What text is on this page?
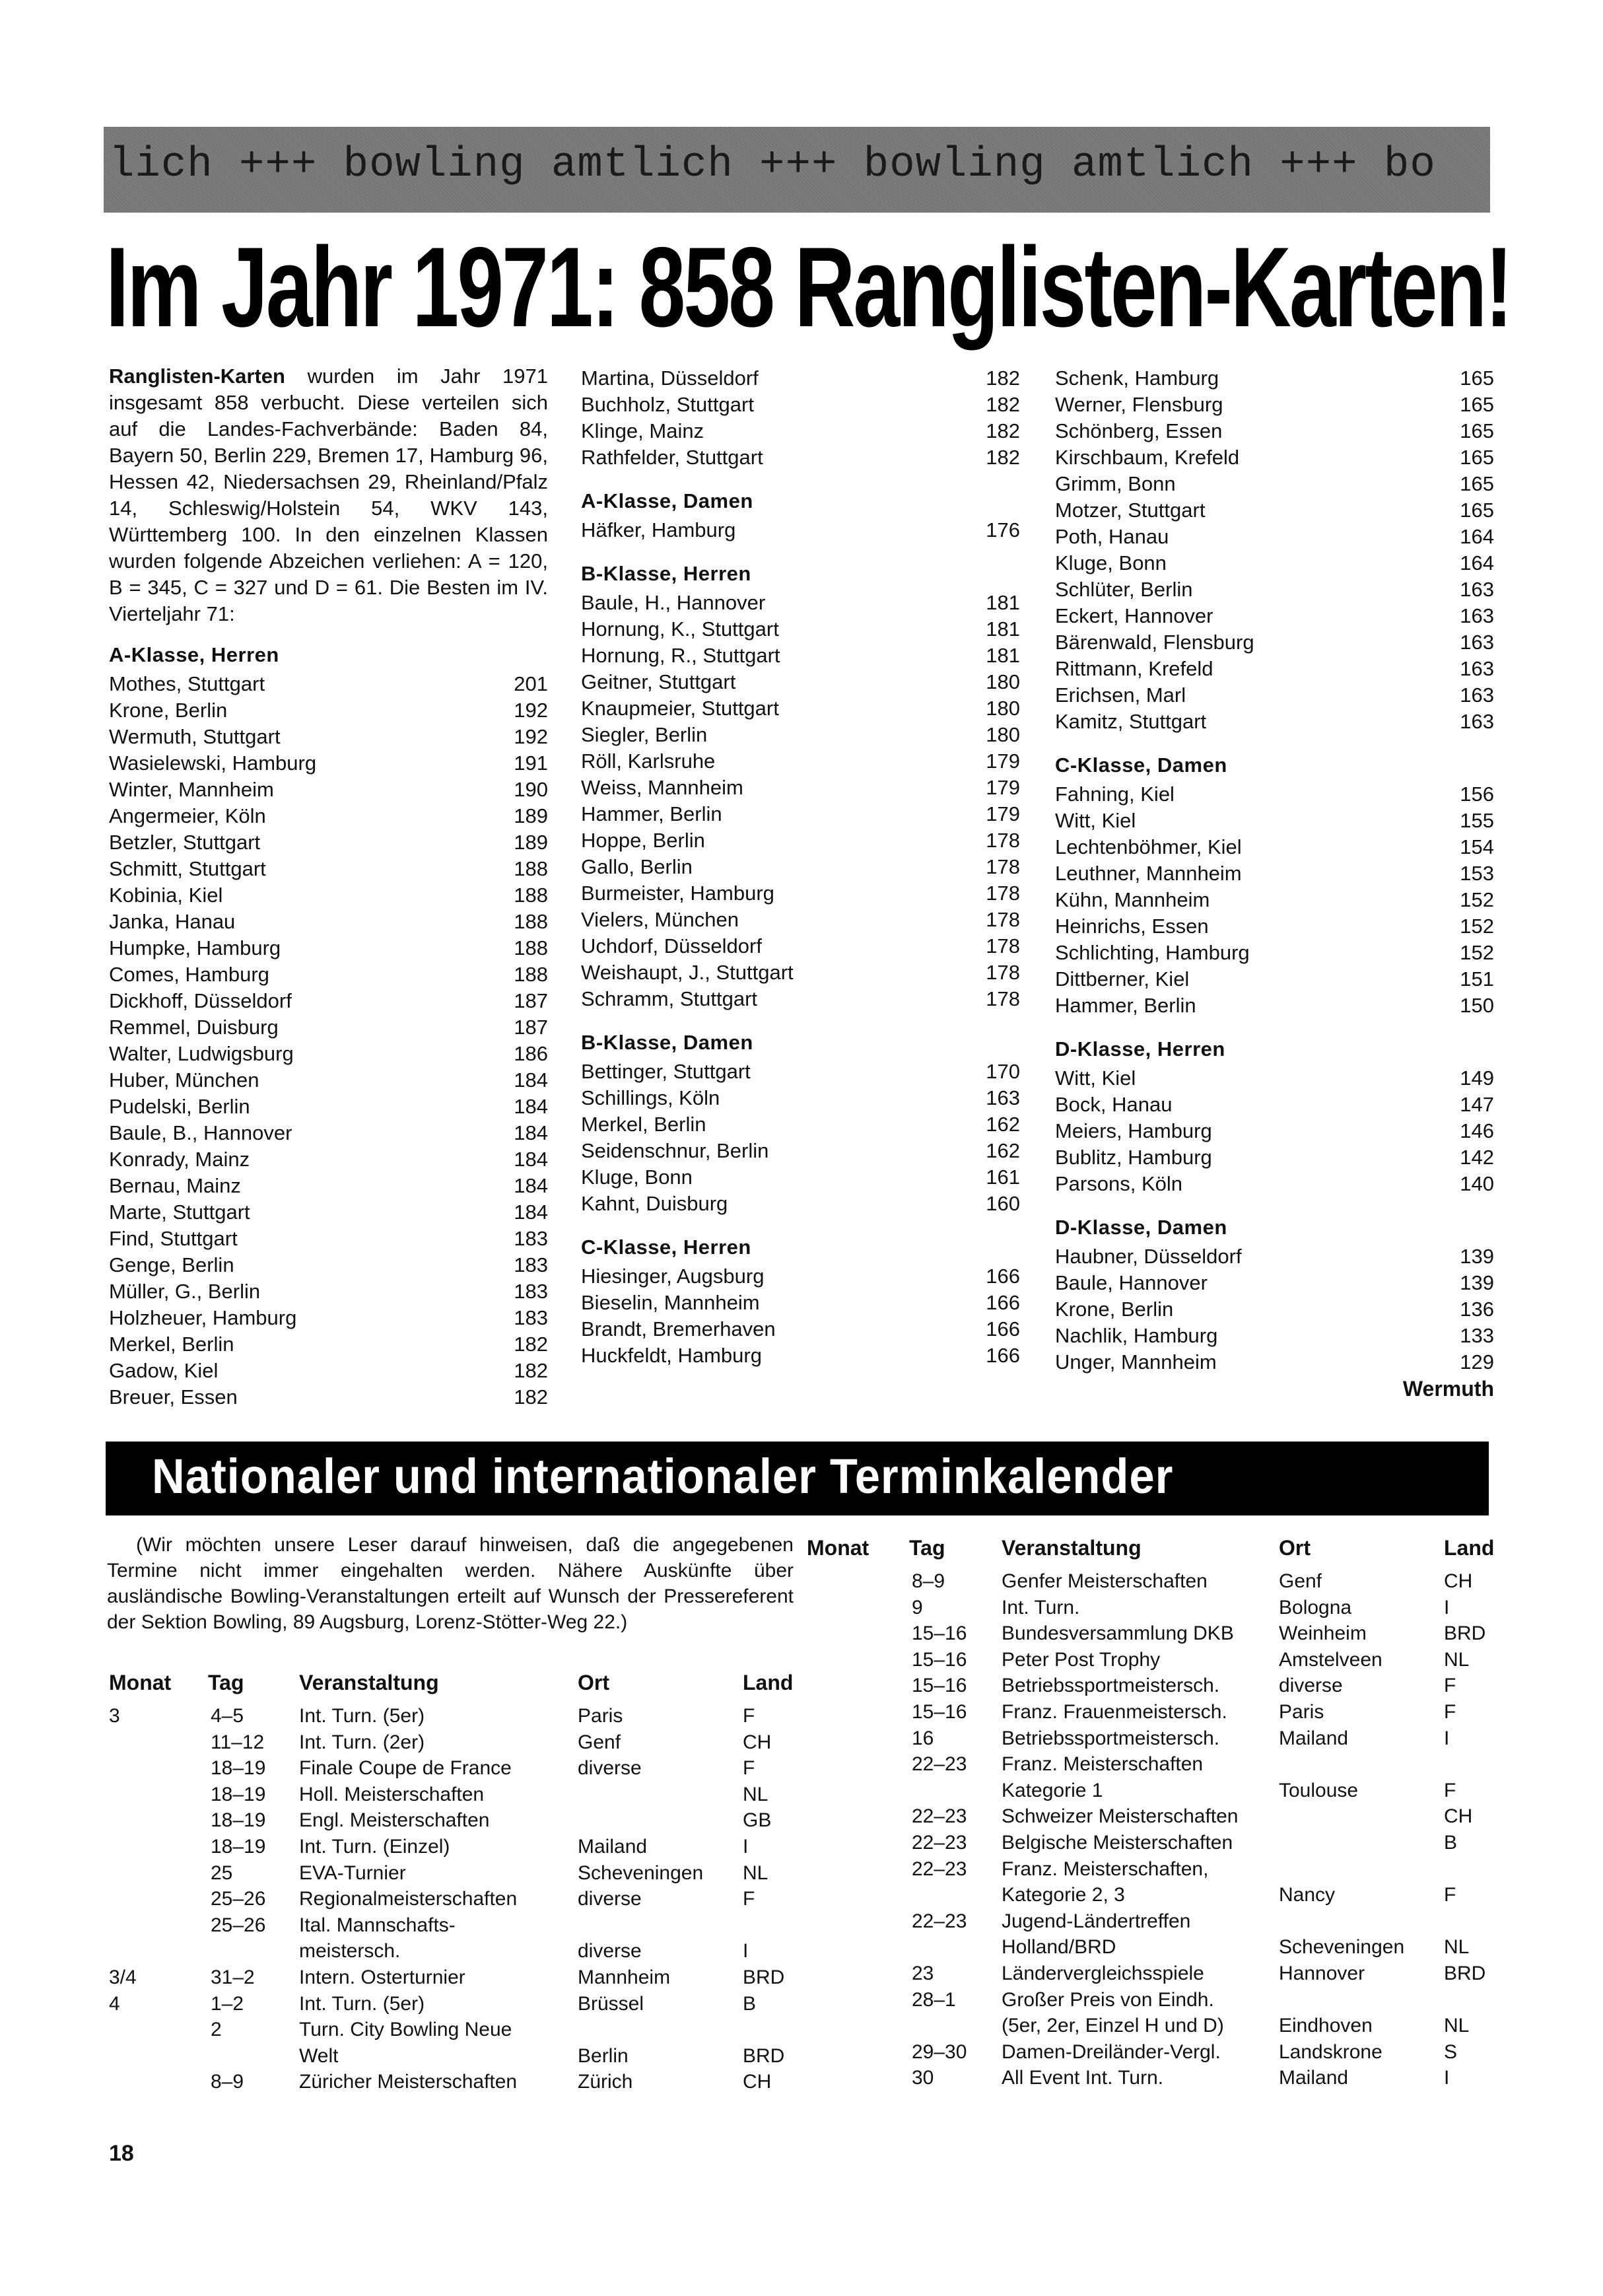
lich +++ bowling amtlich +++ bowling amtlich +++ bo
Im Jahr 1971: 858 Ranglisten-Karten!
Ranglisten-Karten wurden im Jahr 1971 insgesamt 858 verbucht. Diese verteilen sich auf die Landes-Fachverbände: Baden 84, Bayern 50, Berlin 229, Bremen 17, Hamburg 96, Hessen 42, Niedersachsen 29, Rheinland/Pfalz 14, Schleswig/Holstein 54, WKV 143, Württemberg 100. In den einzelnen Klassen wurden folgende Abzeichen verliehen: A = 120, B = 345, C = 327 und D = 61. Die Besten im IV. Vierteljahr 71:
A-Klasse, Herren
Mothes, Stuttgart	201
Krone, Berlin	192
Wermuth, Stuttgart	192
Wasielewski, Hamburg	191
Winter, Mannheim	190
Angermeier, Köln	189
Betzler, Stuttgart	189
Schmitt, Stuttgart	188
Kobinia, Kiel	188
Janka, Hanau	188
Humpke, Hamburg	188
Comes, Hamburg	188
Dickhoff, Düsseldorf	187
Remmel, Duisburg	187
Walter, Ludwigsburg	186
Huber, München	184
Pudelski, Berlin	184
Baule, B., Hannover	184
Konrady, Mainz	184
Bernau, Mainz	184
Marte, Stuttgart	184
Find, Stuttgart	183
Genge, Berlin	183
Müller, G., Berlin	183
Holzheuer, Hamburg	183
Merkel, Berlin	182
Gadow, Kiel	182
Breuer, Essen	182
Martina, Düsseldorf	182
Buchholz, Stuttgart	182
Klinge, Mainz	182
Rathfelder, Stuttgart	182
A-Klasse, Damen
Häfker, Hamburg	176
B-Klasse, Herren
Baule, H., Hannover	181
Hornung, K., Stuttgart	181
Hornung, R., Stuttgart	181
Geitner, Stuttgart	180
Knaupmeier, Stuttgart	180
Siegler, Berlin	180
Röll, Karlsruhe	179
Weiss, Mannheim	179
Hammer, Berlin	179
Hoppe, Berlin	178
Gallo, Berlin	178
Burmeister, Hamburg	178
Vielers, München	178
Uchdorf, Düsseldorf	178
Weishaupt, J., Stuttgart	178
Schramm, Stuttgart	178
B-Klasse, Damen
Bettinger, Stuttgart	170
Schillings, Köln	163
Merkel, Berlin	162
Seidenschnur, Berlin	162
Kluge, Bonn	161
Kahnt, Duisburg	160
C-Klasse, Herren
Hiesinger, Augsburg	166
Bieselin, Mannheim	166
Brandt, Bremerhaven	166
Huckfeldt, Hamburg	166
Schenk, Hamburg	165
Werner, Flensburg	165
Schönberg, Essen	165
Kirschbaum, Krefeld	165
Grimm, Bonn	165
Motzer, Stuttgart	165
Poth, Hanau	164
Kluge, Bonn	164
Schlüter, Berlin	163
Eckert, Hannover	163
Bärenwald, Flensburg	163
Rittmann, Krefeld	163
Erichsen, Marl	163
Kamitz, Stuttgart	163
C-Klasse, Damen
Fahning, Kiel	156
Witt, Kiel	155
Lechtenböhmer, Kiel	154
Leuthner, Mannheim	153
Kühn, Mannheim	152
Heinrichs, Essen	152
Schlichting, Hamburg	152
Dittberner, Kiel	151
Hammer, Berlin	150
D-Klasse, Herren
Witt, Kiel	149
Bock, Hanau	147
Meiers, Hamburg	146
Bublitz, Hamburg	142
Parsons, Köln	140
D-Klasse, Damen
Haubner, Düsseldorf	139
Baule, Hannover	139
Krone, Berlin	136
Nachlik, Hamburg	133
Unger, Mannheim	129
Wermuth
Nationaler und internationaler Terminkalender

(Wir möchten unsere Leser darauf hinweisen, daß die angegebenen Termine nicht immer eingehalten werden. Nähere Auskünfte über ausländische Bowling-Veranstaltungen erteilt auf Wunsch der Pressereferent der Sektion Bowling, 89 Augsburg, Lorenz-Stötter-Weg 22.)

Monat	Tag	Veranstaltung	Ort	Land
3	4–5	Int. Turn. (5er)	Paris	F
	11–12	Int. Turn. (2er)	Genf	CH
	18–19	Finale Coupe de France	diverse	F
	18–19	Holl. Meisterschaften		NL
	18–19	Engl. Meisterschaften		GB
	18–19	Int. Turn. (Einzel)	Mailand	I
	25	EVA-Turnier	Scheveningen	NL
	25–26	Regionalmeisterschaften	diverse	F
	25–26	Ital. Mannschafts-		
		meistersch.	diverse	I
3/4	31–2	Intern. Osterturnier	Mannheim	BRD
4	1–2	Int. Turn. (5er)	Brüssel	B
	2	Turn. City Bowling Neue		
		Welt	Berlin	BRD
	8–9	Züricher Meisterschaften	Zürich	CH
Monat	Tag	Veranstaltung	Ort	Land
	8–9	Genfer Meisterschaften	Genf	CH
	9	Int. Turn.	Bologna	I
	15–16	Bundesversammlung DKB	Weinheim	BRD
	15–16	Peter Post Trophy	Amstelveen	NL
	15–16	Betriebssportmeistersch.	diverse	F
	15–16	Franz. Frauenmeistersch.	Paris	F
	16	Betriebssportmeistersch.	Mailand	I
	22–23	Franz. Meisterschaften		
		Kategorie 1	Toulouse	F
	22–23	Schweizer Meisterschaften		CH
	22–23	Belgische Meisterschaften		B
	22–23	Franz. Meisterschaften,		
		Kategorie 2, 3	Nancy	F
	22–23	Jugend-Ländertreffen		
		Holland/BRD	Scheveningen	NL
	23	Ländervergleichsspiele	Hannover	BRD
	28–1	Großer Preis von Eindh.		
		(5er, 2er, Einzel H und D)	Eindhoven	NL
	29–30	Damen-Dreiländer-Vergl.	Landskrone	S
	30	All Event Int. Turn.	Mailand	I
18
